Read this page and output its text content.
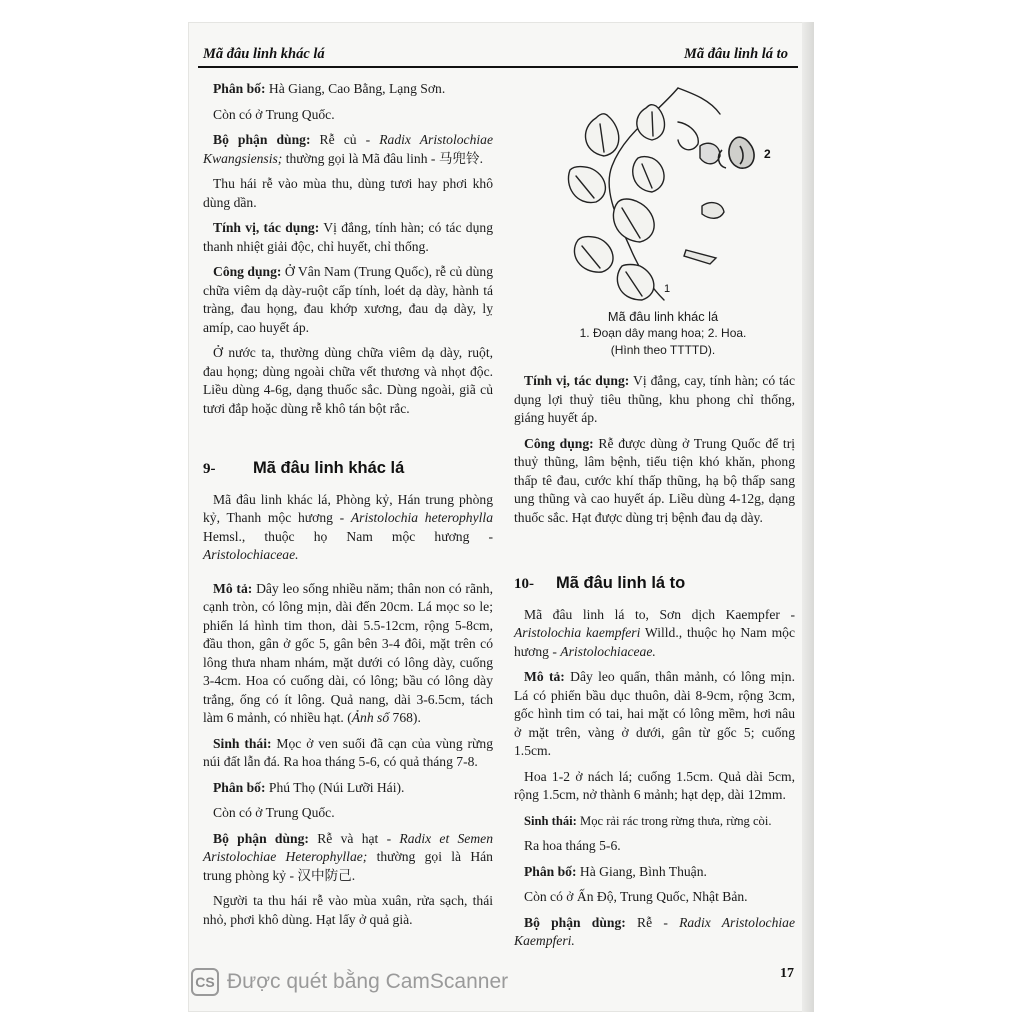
Mã đâu linh khác lá	Mã đâu linh lá to

Phân bố: Hà Giang, Cao Bằng, Lạng Sơn.

Còn có ở Trung Quốc.

Bộ phận dùng: Rễ củ - Radix Aristolochiae Kwangsiensis; thường gọi là Mã đâu linh - 马兜铃.

Thu hái rễ vào mùa thu, dùng tươi hay phơi khô dùng dần.

Tính vị, tác dụng: Vị đắng, tính hàn; có tác dụng thanh nhiệt giải độc, chỉ huyết, chỉ thống.

Công dụng: Ở Vân Nam (Trung Quốc), rễ củ dùng chữa viêm dạ dày-ruột cấp tính, loét dạ dày, hành tá tràng, đau họng, đau khớp xương, đau dạ dày, lỵ amíp, cao huyết áp.

Ở nước ta, thường dùng chữa viêm dạ dày, ruột, đau họng; dùng ngoài chữa vết thương và nhọt độc. Liều dùng 4-6g, dạng thuốc sắc. Dùng ngoài, giã củ tươi đắp hoặc dùng rễ khô tán bột rắc.

9- Mã đâu linh khác lá

Mã đâu linh khác lá, Phòng kỷ, Hán trung phòng kỷ, Thanh mộc hương - Aristolochia heterophylla Hemsl., thuộc họ Nam mộc hương - Aristolochiaceae.

Mô tả: Dây leo sống nhiều năm; thân non có rãnh, cạnh tròn, có lông mịn, dài đến 20cm. Lá mọc so le; phiến lá hình tim thon, dài 5.5-12cm, rộng 5-8cm, đầu thon, gân ở gốc 5, gân bên 3-4 đôi, mặt trên có lông thưa nham nhám, mặt dưới có lông dày, cuống 3-4cm. Hoa có cuống dài, có lông; bầu có lông dày trắng, ống có ít lông. Quả nang, dài 3-6.5cm, tách làm 6 mảnh, có nhiều hạt. (Ảnh số 768).

Sinh thái: Mọc ở ven suối đã cạn của vùng rừng núi đất lẫn đá. Ra hoa tháng 5-6, có quả tháng 7-8.

Phân bố: Phú Thọ (Núi Lưỡi Hái).

Còn có ở Trung Quốc.

Bộ phận dùng: Rễ và hạt - Radix et Semen Aristolochiae Heterophyllae; thường gọi là Hán trung phòng kỷ - 汉中防己.

Người ta thu hái rễ vào mùa xuân, rửa sạch, thái nhỏ, phơi khô dùng. Hạt lấy ở quả già.

2
1
Mã đâu linh khác lá
1. Đoạn dây mang hoa; 2. Hoa.
(Hình theo TTTTD).

Tính vị, tác dụng: Vị đắng, cay, tính hàn; có tác dụng lợi thuỷ tiêu thũng, khu phong chỉ thống, giáng huyết áp.

Công dụng: Rễ được dùng ở Trung Quốc để trị thuỷ thũng, lâm bệnh, tiểu tiện khó khăn, phong thấp tê đau, cước khí thấp thũng, hạ bộ thấp sang ung thũng và cao huyết áp. Liều dùng 4-12g, dạng thuốc sắc. Hạt được dùng trị bệnh đau dạ dày.

10- Mã đâu linh lá to

Mã đâu linh lá to, Sơn dịch Kaempfer - Aristolochia kaempferi Willd., thuộc họ Nam mộc hương - Aristolochiaceae.

Mô tả: Dây leo quấn, thân mảnh, có lông mịn. Lá có phiến bầu dục thuôn, dài 8-9cm, rộng 3cm, gốc hình tim có tai, hai mặt có lông mềm, hơi nâu ở mặt trên, vàng ở dưới, gân từ gốc 5; cuống 1.5cm.

Hoa 1-2 ở nách lá; cuống 1.5cm. Quả dài 5cm, rộng 1.5cm, nở thành 6 mảnh; hạt dẹp, dài 12mm.

Sinh thái: Mọc rải rác trong rừng thưa, rừng còi.

Ra hoa tháng 5-6.

Phân bố: Hà Giang, Bình Thuận.

Còn có ở Ấn Độ, Trung Quốc, Nhật Bản.

Bộ phận dùng: Rễ - Radix Aristolochiae Kaempferi.

17
CS Được quét bằng CamScanner
